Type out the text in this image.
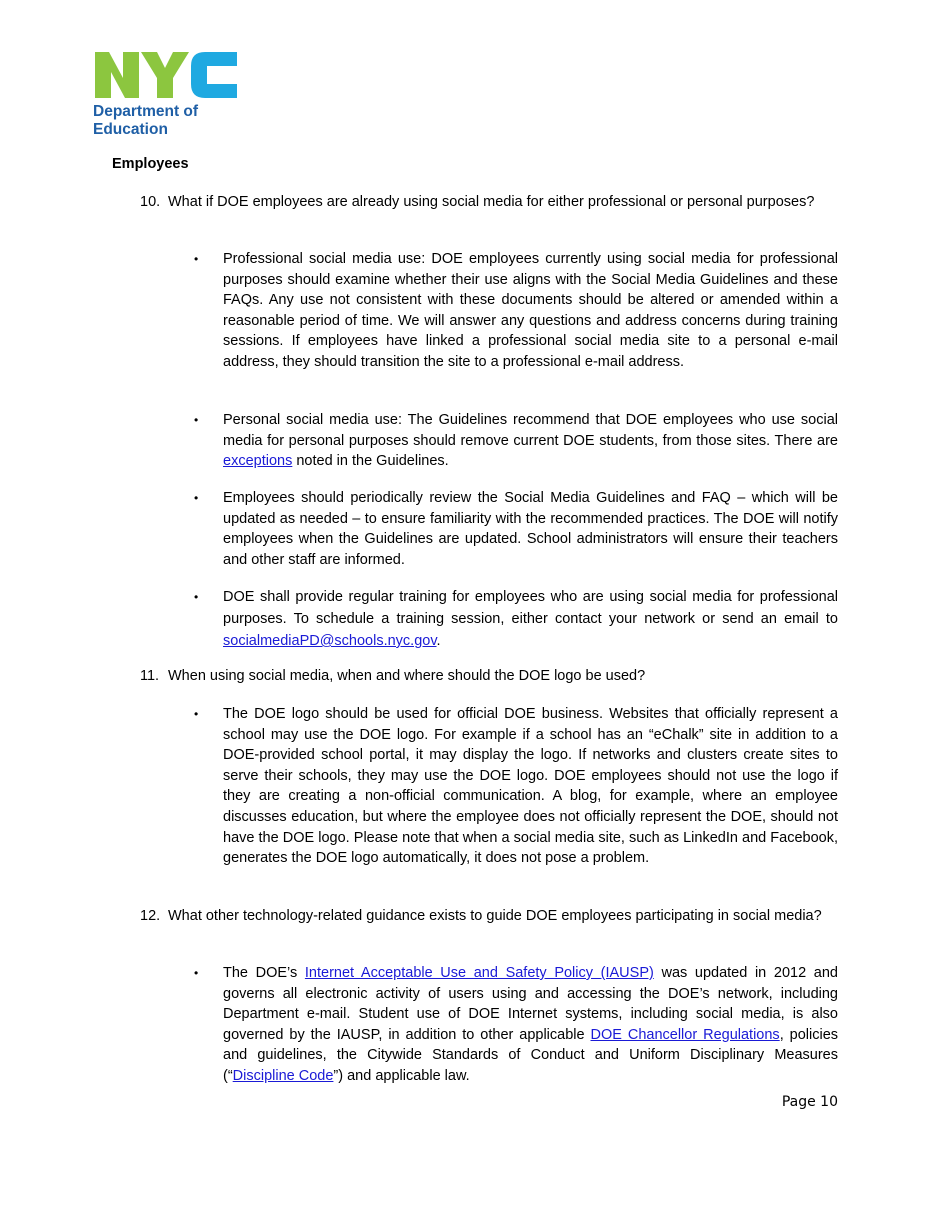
™
Department of
Education
Employees
10. What if DOE employees are already using social media for either professional or personal purposes?
•	Professional social media use: DOE employees currently using social media for professional purposes should examine whether their use aligns with the Social Media Guidelines and these FAQs. Any use not consistent with these documents should be altered or amended within a reasonable period of time. We will answer any questions and address concerns during training sessions. If employees have linked a professional social media site to a personal e-mail address, they should transition the site to a professional e-mail address.
•	Personal social media use: The Guidelines recommend that DOE employees who use social media for personal purposes should remove current DOE students, from those sites. There are exceptions noted in the Guidelines.
•	Employees should periodically review the Social Media Guidelines and FAQ – which will be updated as needed – to ensure familiarity with the recommended practices. The DOE will notify employees when the Guidelines are updated. School administrators will ensure their teachers and other staff are informed.
•	DOE shall provide regular training for employees who are using social media for professional purposes. To schedule a training session, either contact your network or send an email to socialmediaPD@schools.nyc.gov.
11. When using social media, when and where should the DOE logo be used?
•	The DOE logo should be used for official DOE business. Websites that officially represent a school may use the DOE logo. For example if a school has an “eChalk” site in addition to a DOE-provided school portal, it may display the logo. If networks and clusters create sites to serve their schools, they may use the DOE logo. DOE employees should not use the logo if they are creating a non-official communication. A blog, for example, where an employee discusses education, but where the employee does not officially represent the DOE, should not have the DOE logo. Please note that when a social media site, such as LinkedIn and Facebook, generates the DOE logo automatically, it does not pose a problem.
12. What other technology-related guidance exists to guide DOE employees participating in social media?
•	The DOE’s Internet Acceptable Use and Safety Policy (IAUSP) was updated in 2012 and governs all electronic activity of users using and accessing the DOE’s network, including Department e-mail. Student use of DOE Internet systems, including social media, is also governed by the IAUSP, in addition to other applicable DOE Chancellor Regulations, policies and guidelines, the Citywide Standards of Conduct and Uniform Disciplinary Measures (“Discipline Code”) and applicable law.
Page 10
